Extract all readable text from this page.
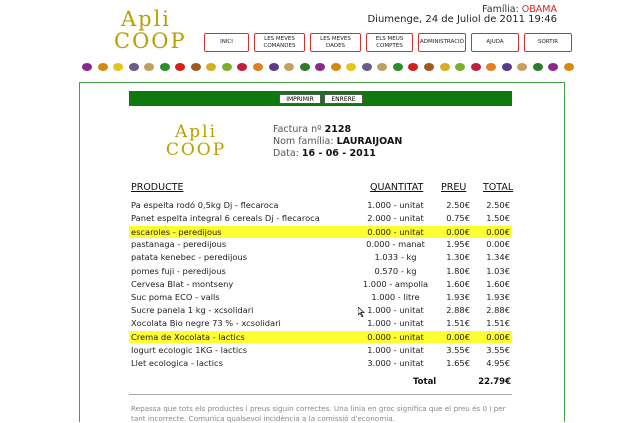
Apli
COOP
Família: OBAMA
Diumenge, 24 de Juliol de 2011 19:46
INICI
LES MEVES COMANDES
LES MEVES DADES
ELS MEUS COMPTES
ADMINISTRACIÓ	AJUDA	SORTIR
IMPRIMIR	ENRERE
Apli
COOP
Factura nº 2128
Nom família: LAURAIJOAN
Data: 16 - 06 - 2011
PRODUCTE	QUANTITAT PREU TOTAL
Pa espelta rodó 0,5kg Dj - flecaroca	1.000 - unitat	2.50€	2.50€
Panet espelta integral 6 cereals Dj - flecaroca	2.000 - unitat	0.75€	1.50€
escaroles - peredijous	0.000 - unitat	0.00€	0.00€
pastanaga - peredijous	0.000 - manat	1.95€	0.00€
patata kenebec - peredijous	1.033 - kg	1.30€	1.34€
pomes fuji - peredijous	0.570 - kg	1.80€	1.03€
Cervesa Blat - montseny	1.000 - ampolla	1.60€	1.60€
Suc poma ECO - valls	1.000 - litre	1.93€	1.93€
Sucre panela 1 kg - xcsolidari	1.000 - unitat	2.88€	2.88€
Xocolata Bio negre 73 % - xcsolidari	1.000 - unitat	1.51€	1.51€
Crema de Xocolata - lactics	0.000 - unitat	0.00€	0.00€
Iogurt ecologic 1KG - lactics	1.000 - unitat	3.55€	3.55€
Llet ecologica - lactics	3.000 - unitat	1.65€	4.95€
Total	22.79€
Repassa que tots els productes i preus siguin correctes. Una línia en groc significa que el preu és 0 i per tant incorrecte. Comunica qualsevol incidència a la comissió d'economia.
